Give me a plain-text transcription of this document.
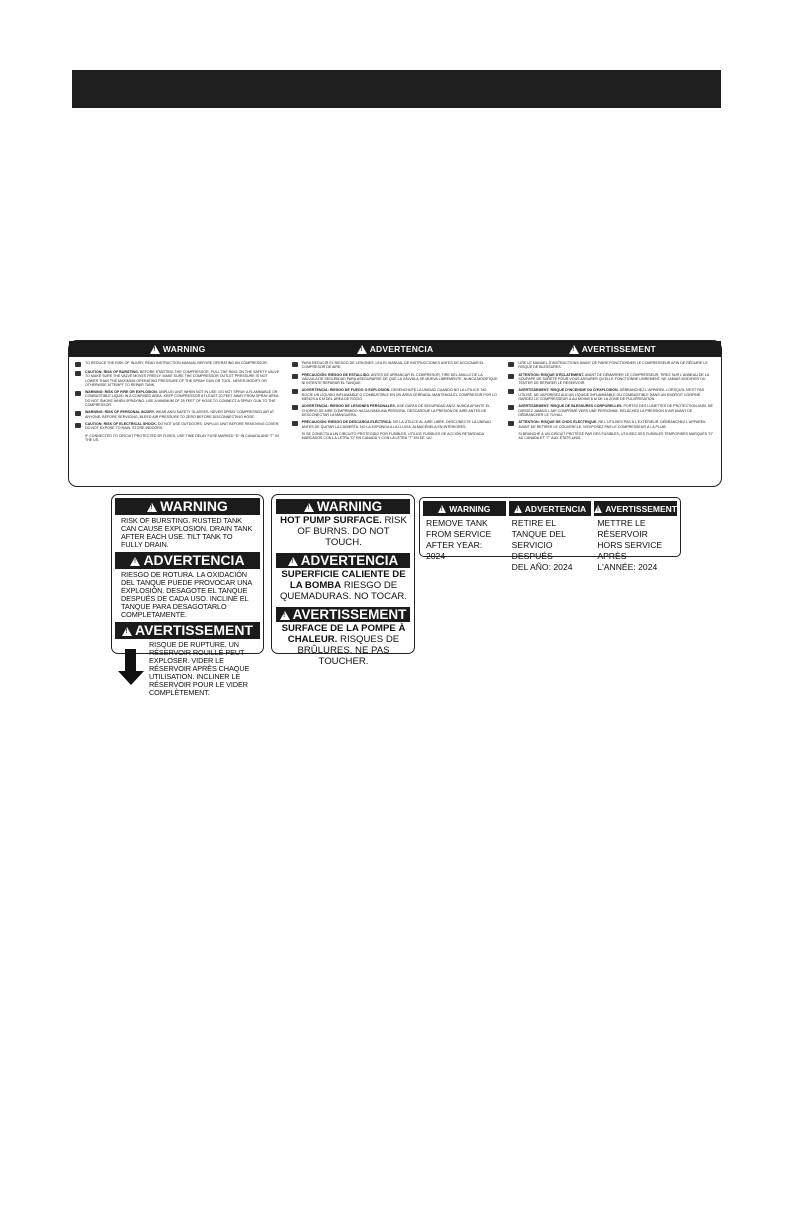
!
WARNING !	ADVERTENCIA !	AVERTISSEMENT
TO REDUCE THE RISK OF INJURY, READ INSTRUCTION MANUAL BEFORE OPERATING AN COMPRESSOR.
CAUTION: RISK OF BURSTING. BEFORE STARTING THE COMPRESSOR, PULL THE RING ON THE SAFETY VALVE TO MAKE SURE THE VALVE MOVES FREELY. MAKE SURE THE COMPRESSOR OUTLET PRESSURE IS NOT LOWER THAN THE MAXIMUM OPERATING PRESSURE OF THE SPRAY GUN OR TOOL. NEVER MODIFY OR OTHERWISE ATTEMPT TO REPAIR TANK.
WARNING: RISK OF FIRE OR EXPLOSION. UNPLUG UNIT WHEN NOT IN USE. DO NOT SPRAY A FLAMMABLE OR COMBUSTIBLE LIQUID IN A CONFINED AREA. KEEP COMPRESSOR AT LEAST 20 FEET AWAY FROM SPRAY AREA. DO NOT SMOKE WHEN SPRAYING. USE A MINIMUM OF 25 FEET OF HOSE TO CONNECT A SPRAY GUN TO THE COMPRESSOR.
WARNING: RISK OF PERSONAL INJURY. WEAR ANSI SAFETY GLASSES. NEVER SPRAY COMPRESSED AIR AT ANYONE. BEFORE SERVICING, BLEED AIR PRESSURE TO ZERO BEFORE DISCONNECTING HOSE.
CAUTION: RISK OF ELECTRICAL SHOCK. DO NOT USE OUTDOORS. UNPLUG UNIT BEFORE REMOVING COVER. DO NOT EXPOSE TO RAIN. STORE INDOORS.
IF CONNECTED TO CIRCUIT PROTECTED BY FUSES, USE TIME DELAY FUSE MARKED "D" IN CANADA AND "T" IN THE US.
PARA REDUCIR EL RIESGO DE LESIONES, LEA EL MANUAL DE INSTRUCCIONES ANTES DE ACCIONAR EL COMPRESOR DE AIRE.
PRECAUCIÓN: RIESGO DE ESTALLIDO. ANTES DE ARRANCAR EL COMPRESOR, TIRE DEL ANILLO DE LA VÁLVULA DE SEGURIDAD PARA ASEGURARSE DE QUE LA VÁLVULA SE MUEVA LIBREMENTE. NUNCA MODIFIQUE NI INTENTE REPARAR EL TANQUE.
ADVERTENCIA: RIESGO DE FUEGO O EXPLOSIÓN. DESENCHUFE LA UNIDAD CUANDO NO LA UTILICE. NO ROCÍE UN LÍQUIDO INFLAMABLE O COMBUSTIBLE EN UN ÁREA CERRADA. MANTENGA EL COMPRESOR POR LO MENOS A 6 M DEL ÁREA DE ROCÍO.
ADVERTENCIA: RIESGO DE LESIONES PERSONALES. USE GAFAS DE SEGURIDAD ANSI. NUNCA APUNTE EL CHORRO DE AIRE COMPRIMIDO HACIA NINGUNA PERSONA. DESCARGUE LA PRESIÓN DE AIRE ANTES DE DESCONECTAR LA MANGUERA.
PRECAUCIÓN: RIESGO DE DESCARGA ELÉCTRICA. NO LA UTILICE AL AIRE LIBRE. DESCONECTE LA UNIDAD ANTES DE QUITAR LA CUBIERTA. NO LA EXPONGA A LA LLUVIA. ALMACÉNELA EN INTERIORES.
SI SE CONECTA A UN CIRCUITO PROTEGIDO POR FUSIBLES, UTILICE FUSIBLES DE ACCIÓN RETARDADA MARCADOS CON LA LETRA "D" EN CANADÁ Y CON LA LETRA "T" EN EE. UU.
LIRE LE MANUEL D'INSTRUCTIONS AVANT DE FAIRE FONCTIONNER LE COMPRESSEUR AFIN DE RÉDUIRE LE RISQUE DE BLESSURES.
ATTENTION: RISQUE D'ÉCLATEMENT. AVANT DE DÉMARRER LE COMPRESSEUR, TIREZ SUR L'ANNEAU DE LA SOUPAPE DE SÛRETÉ POUR VOUS ASSURER QU'ELLE FONCTIONNE LIBREMENT. NE JAMAIS MODIFIER OU TENTER DE RÉPARER LE RÉSERVOIR.
AVERTISSEMENT: RISQUE D'INCENDIE OU D'EXPLOSION. DÉBRANCHEZ L'APPAREIL LORSQU'IL N'EST PAS UTILISÉ. NE VAPORISEZ AUCUN LIQUIDE INFLAMMABLE OU COMBUSTIBLE DANS UN ENDROIT CONFINÉ. GARDEZ LE COMPRESSEUR À AU MOINS 6 M DE LA ZONE DE PULVÉRISATION.
AVERTISSEMENT: RISQUE DE BLESSURES CORPORELLES. PORTEZ DES LUNETTES DE PROTECTION ANSI. NE DIRIGEZ JAMAIS L'AIR COMPRIMÉ VERS UNE PERSONNE. RELÂCHEZ LA PRESSION D'AIR AVANT DE DÉBRANCHER LE TUYAU.
ATTENTION: RISQUE DE CHOC ÉLECTRIQUE. NE L'UTILISEZ PAS À L'EXTÉRIEUR. DÉBRANCHEZ L'APPAREIL AVANT DE RETIRER LE COUVERCLE. N'EXPOSEZ PAS LE COMPRESSEUR À LA PLUIE.
SI BRANCHÉ À UN CIRCUIT PROTÉGÉ PAR DES FUSIBLES, UTILISEZ DES FUSIBLES TEMPORISÉS MARQUÉS "D" AU CANADA ET "T" AUX ÉTATS-UNIS.
!WARNING
RISK OF BURSTING. RUSTED TANK CAN CAUSE EXPLOSION. DRAIN TANK AFTER EACH USE. TILT TANK TO FULLY DRAIN.
!ADVERTENCIA
RIESGO DE ROTURA. LA OXIDACIÓN DEL TANQUE PUEDE PROVOCAR UNA EXPLOSIÓN. DESAGOTE EL TANQUE DESPUÉS DE CADA USO. INCLINE EL TANQUE PARA DESAGOTARLO COMPLETAMENTE.
!AVERTISSEMENT
RISQUE DE RUPTURE. UN RÉSERVOIR ROUILLÉ PEUT EXPLOSER. VIDER LE RÉSERVOIR APRÈS CHAQUE UTILISATION. INCLINER LE RÉSERVOIR POUR LE VIDER COMPLÈTEMENT.
!WARNING
HOT PUMP SURFACE. RISK OF BURNS. DO NOT TOUCH.
!ADVERTENCIA
SUPERFICIE CALIENTE DE LA BOMBA RIESGO DE QUEMADURAS. NO TOCAR.
!AVERTISSEMENT
SURFACE DE LA POMPE À CHALEUR. RISQUES DE BRÛLURES. NE PAS TOUCHER.
!
WARNING
REMOVE TANK
FROM SERVICE
AFTER YEAR: 2024
!
ADVERTENCIA
RETIRE EL TANQUE DEL
SERVICIO DESPUÉS
DEL AÑO: 2024
!
AVERTISSEMENT
METTRE LE RÉSERVOIR
HORS SERVICE APRÈS
L'ANNÉE: 2024
